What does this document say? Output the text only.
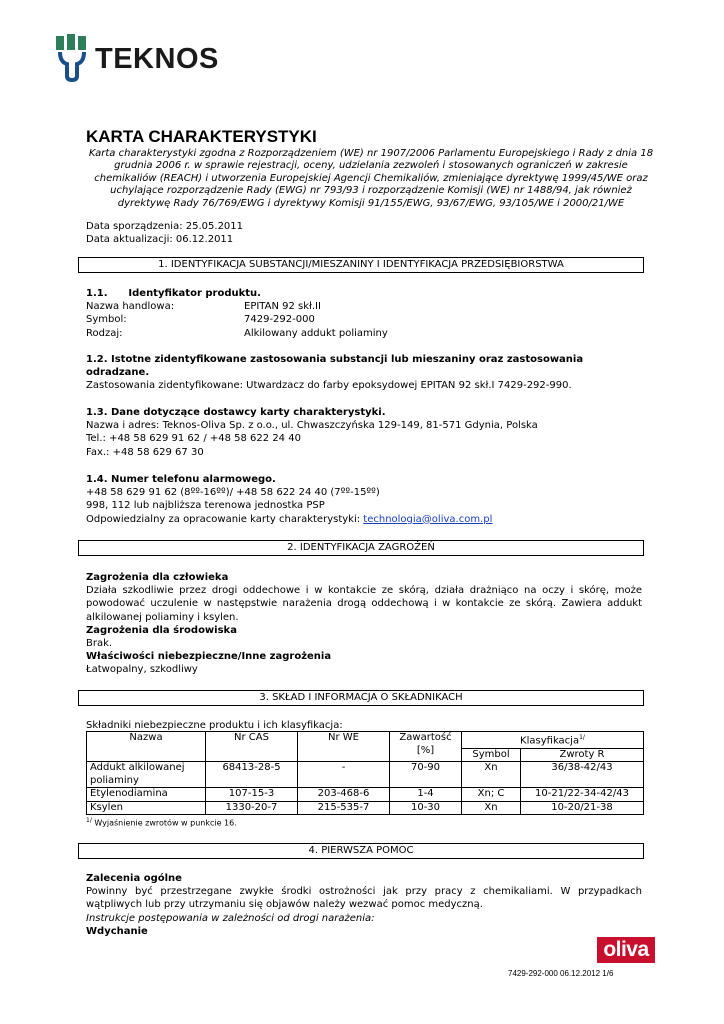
TEKNOS
KARTA CHARAKTERYSTYKI
Karta charakterystyki zgodna z Rozporządzeniem (WE) nr 1907/2006 Parlamentu Europejskiego i Rady z dnia 18 grudnia 2006 r. w sprawie rejestracji, oceny, udzielania zezwoleń i stosowanych ograniczeń w zakresie chemikaliów (REACH) i utworzenia Europejskiej Agencji Chemikaliów, zmieniające dyrektywę 1999/45/WE oraz uchylające rozporządzenie Rady (EWG) nr 793/93 i rozporządzenie Komisji (WE) nr 1488/94, jak również dyrektywę Rady 76/769/EWG i dyrektywy Komisji 91/155/EWG, 93/67/EWG, 93/105/WE i 2000/21/WE
Data sporządzenia: 25.05.2011
Data aktualizacji: 06.12.2011
1. IDENTYFIKACJA SUBSTANCJI/MIESZANINY I IDENTYFIKACJA PRZEDSIĘBIORSTWA
1.1.      Identyfikator produktu.
Nazwa handlowa:	EPITAN 92 skł.II
Symbol:	7429-292-000
Rodzaj:	Alkilowany addukt poliaminy
1.2. Istotne zidentyfikowane zastosowania substancji lub mieszaniny oraz zastosowania odradzane.
Zastosowania zidentyfikowane: Utwardzacz do farby epoksydowej EPITAN 92 skł.I 7429-292-990.
1.3. Dane dotyczące dostawcy karty charakterystyki.
Nazwa i adres: Teknos-Oliva Sp. z o.o., ul. Chwaszczyńska 129-149, 81-571 Gdynia, Polska
Tel.: +48 58 629 91 62 / +48 58 622 24 40
Fax.: +48 58 629 67 30
1.4. Numer telefonu alarmowego.
+48 58 629 91 62 (8ºº-16ºº)/ +48 58 622 24 40 (7ºº-15ºº)
998, 112 lub najbliższa terenowa jednostka PSP
Odpowiedzialny za opracowanie karty charakterystyki: technologia@oliva.com.pl
2. IDENTYFIKACJA ZAGROŻEŃ
Zagrożenia dla człowieka
Działa szkodliwie przez drogi oddechowe i w kontakcie ze skórą, działa drażniąco na oczy i skórę, może powodować uczulenie w następstwie narażenia drogą oddechową i w kontakcie ze skórą. Zawiera addukt alkilowanej poliaminy i ksylen.
Zagrożenia dla środowiska
Brak.
Właściwości niebezpieczne/Inne zagrożenia
Łatwopalny, szkodliwy
3. SKŁAD I INFORMACJA O SKŁADNIKACH
Składniki niebezpieczne produktu i ich klasyfikacja:
Nazwa	Nr CAS	Nr WE	Zawartość
[%]	Klasyfikacja$^{1/}$
				Symbol	Zwroty R
Addukt alkilowanej poliaminy	68413-28-5	-	70-90	Xn	36/38-42/43
Etylenodiamina	107-15-3	203-468-6	1-4	Xn; C	10-21/22-34-42/43
Ksylen	1330-20-7	215-535-7	10-30	Xn	10-20/21-38
$^{1/}$ Wyjaśnienie zwrotów w punkcie 16.
4. PIERWSZA POMOC
Zalecenia ogólne
Powinny być przestrzegane zwykłe środki ostrożności jak przy pracy z chemikaliami. W przypadkach wątpliwych lub przy utrzymaniu się objawów należy wezwać pomoc medyczną.
Instrukcje postępowania w zależności od drogi narażenia:
Wdychanie
oliva
7429-292-000 06.12.2012 1/6
